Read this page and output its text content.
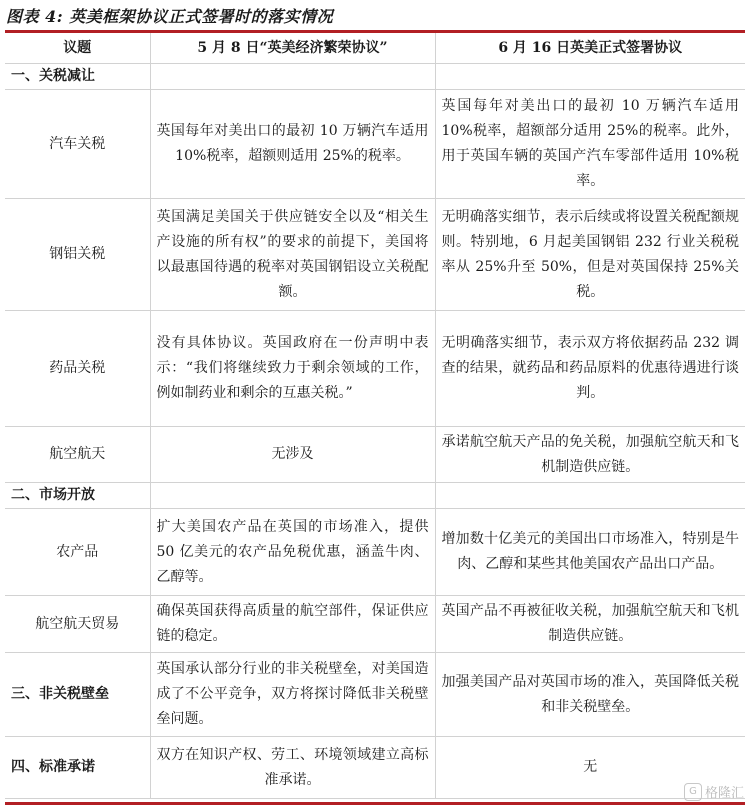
图表 4: 英美框架协议正式签署时的落实情况
议题	5 月 8 日“英美经济繁荣协议”	6 月 16 日英美正式签署协议
一、关税减让		
汽车关税	英国每年对美出口的最初 10 万辆汽车适用 10%税率，超额则适用 25%的税率。	英国每年对美出口的最初 10 万辆汽车适用 10%税率，超额部分适用 25%的税率。此外，用于英国车辆的英国产汽车零部件适用 10%税率。
钢铝关税	英国满足美国关于供应链安全以及“相关生产设施的所有权”的要求的前提下，美国将以最惠国待遇的税率对英国钢铝设立关税配额。	无明确落实细节，表示后续或将设置关税配额规则。特别地，6 月起美国钢铝 232 行业关税税率从 25%升至 50%，但是对英国保持 25%关税。
药品关税	没有具体协议。英国政府在一份声明中表示：“我们将继续致力于剩余领域的工作，例如制药业和剩余的互惠关税。”	无明确落实细节，表示双方将依据药品 232 调查的结果，就药品和药品原料的优惠待遇进行谈判。
航空航天	无涉及	承诺航空航天产品的免关税，加强航空航天和飞机制造供应链。
二、市场开放		
农产品	扩大美国农产品在英国的市场准入，提供 50 亿美元的农产品免税优惠，涵盖牛肉、乙醇等。	增加数十亿美元的美国出口市场准入，特别是牛肉、乙醇和某些其他美国农产品出口产品。
航空航天贸易	确保英国获得高质量的航空部件，保证供应链的稳定。	英国产品不再被征收关税，加强航空航天和飞机制造供应链。
三、非关税壁垒	英国承认部分行业的非关税壁垒，对美国造成了不公平竞争，双方将探讨降低非关税壁垒问题。	加强美国产品对英国市场的准入，英国降低关税和非关税壁垒。
四、标准承诺	双方在知识产权、劳工、环境领域建立高标准承诺。	无
G 格隆汇
